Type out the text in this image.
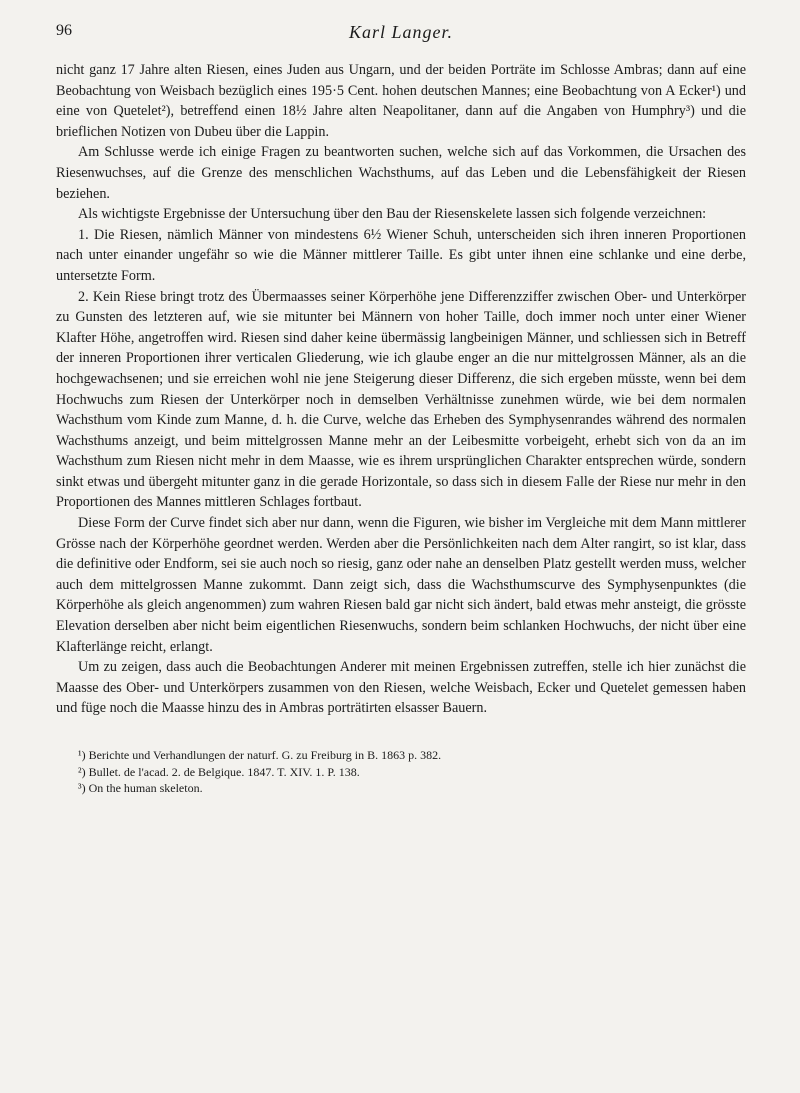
96	Karl Langer.

nicht ganz 17 Jahre alten Riesen, eines Juden aus Ungarn, und der beiden Porträte im Schlosse Ambras; dann auf eine Beobachtung von Weisbach bezüglich eines 195·5 Cent. hohen deutschen Mannes; eine Beobachtung von A Ecker¹) und eine von Quetelet²), betreffend einen 18½ Jahre alten Neapolitaner, dann auf die Angaben von Humphry³) und die brieflichen Notizen von Dubeu über die Lappin.

Am Schlusse werde ich einige Fragen zu beantworten suchen, welche sich auf das Vorkommen, die Ursachen des Riesenwuchses, auf die Grenze des menschlichen Wachsthums, auf das Leben und die Lebensfähigkeit der Riesen beziehen.

Als wichtigste Ergebnisse der Untersuchung über den Bau der Riesenskelete lassen sich folgende verzeichnen:

1. Die Riesen, nämlich Männer von mindestens 6½ Wiener Schuh, unterscheiden sich ihren inneren Proportionen nach unter einander ungefähr so wie die Männer mittlerer Taille. Es gibt unter ihnen eine schlanke und eine derbe, untersetzte Form.

2. Kein Riese bringt trotz des Übermaasses seiner Körperhöhe jene Differenzziffer zwischen Ober- und Unterkörper zu Gunsten des letzteren auf, wie sie mitunter bei Männern von hoher Taille, doch immer noch unter einer Wiener Klafter Höhe, angetroffen wird. Riesen sind daher keine übermässig langbeinigen Männer, und schliessen sich in Betreff der inneren Proportionen ihrer verticalen Gliederung, wie ich glaube enger an die nur mittelgrossen Männer, als an die hochgewachsenen; und sie erreichen wohl nie jene Steigerung dieser Differenz, die sich ergeben müsste, wenn bei dem Hochwuchs zum Riesen der Unterkörper noch in demselben Verhältnisse zunehmen würde, wie bei dem normalen Wachsthum vom Kinde zum Manne, d. h. die Curve, welche das Erheben des Symphysenrandes während des normalen Wachsthums anzeigt, und beim mittelgrossen Manne mehr an der Leibesmitte vorbeigeht, erhebt sich von da an im Wachsthum zum Riesen nicht mehr in dem Maasse, wie es ihrem ursprünglichen Charakter entsprechen würde, sondern sinkt etwas und übergeht mitunter ganz in die gerade Horizontale, so dass sich in diesem Falle der Riese nur mehr in den Proportionen des Mannes mittleren Schlages fortbaut.

Diese Form der Curve findet sich aber nur dann, wenn die Figuren, wie bisher im Vergleiche mit dem Mann mittlerer Grösse nach der Körperhöhe geordnet werden. Werden aber die Persönlichkeiten nach dem Alter rangirt, so ist klar, dass die definitive oder Endform, sei sie auch noch so riesig, ganz oder nahe an denselben Platz gestellt werden muss, welcher auch dem mittelgrossen Manne zukommt. Dann zeigt sich, dass die Wachsthumscurve des Symphysenpunktes (die Körperhöhe als gleich angenommen) zum wahren Riesen bald gar nicht sich ändert, bald etwas mehr ansteigt, die grösste Elevation derselben aber nicht beim eigentlichen Riesenwuchs, sondern beim schlanken Hochwuchs, der nicht über eine Klafterlänge reicht, erlangt.

Um zu zeigen, dass auch die Beobachtungen Anderer mit meinen Ergebnissen zutreffen, stelle ich hier zunächst die Maasse des Ober- und Unterkörpers zusammen von den Riesen, welche Weisbach, Ecker und Quetelet gemessen haben und füge noch die Maasse hinzu des in Ambras porträtirten elsasser Bauern.

¹) Berichte und Verhandlungen der naturf. G. zu Freiburg in B. 1863 p. 382.

²) Bullet. de l'acad. 2. de Belgique. 1847. T. XIV. 1. P. 138.

³) On the human skeleton.
